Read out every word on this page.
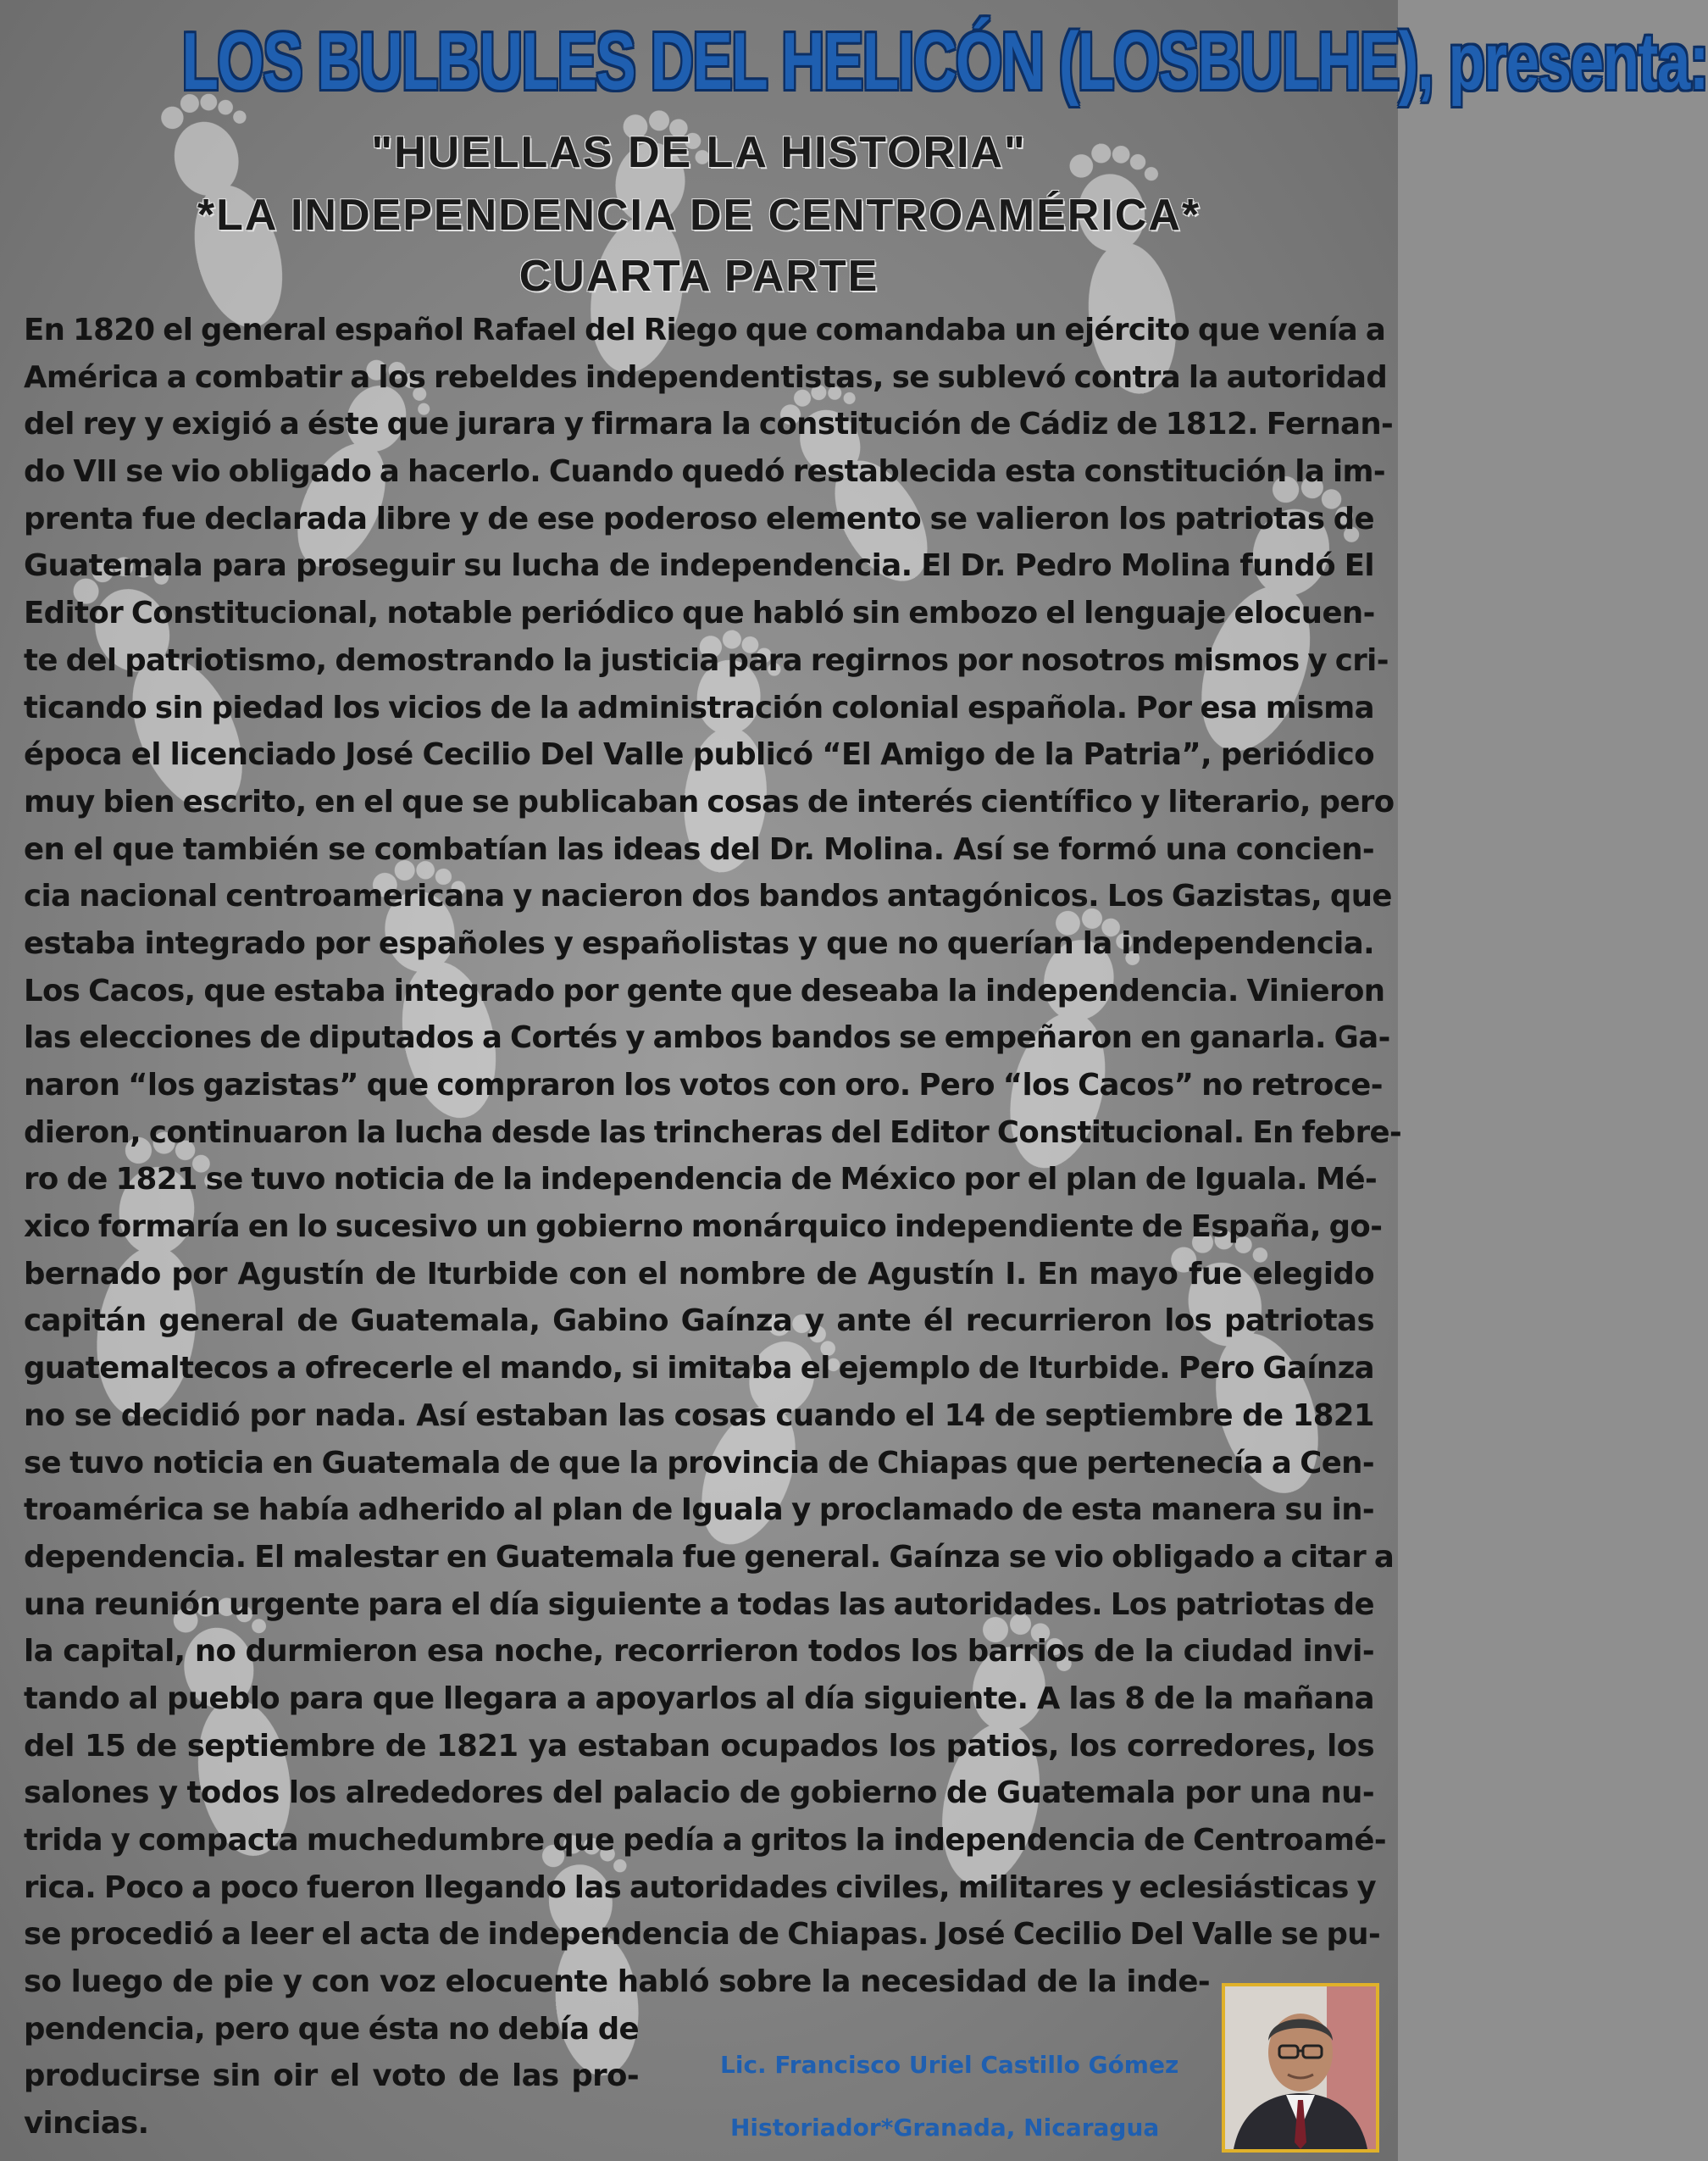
LOS BULBULES DEL HELICÓN (LOSBULHE), presenta:
"HUELLAS DE LA HISTORIA"
*LA INDEPENDENCIA DE CENTROAMÉRICA*
CUARTA PARTE
En 1820 el general español Rafael del Riego que comandaba un ejército que venía a
América a combatir a los rebeldes independentistas, se sublevó contra la autoridad
del rey y exigió a éste que jurara y firmara la constitución de Cádiz de 1812. Fernan-
do VII se vio obligado a hacerlo. Cuando quedó restablecida esta constitución la im-
prenta fue declarada libre y de ese poderoso elemento se valieron los patriotas de
Guatemala para proseguir su lucha de independencia. El Dr. Pedro Molina fundó El
Editor Constitucional, notable periódico que habló sin embozo el lenguaje elocuen-
te del patriotismo, demostrando la justicia para regirnos por nosotros mismos y cri-
ticando sin piedad los vicios de la administración colonial española. Por esa misma
época el licenciado José Cecilio Del Valle publicó “El Amigo de la Patria”, periódico
muy bien escrito, en el que se publicaban cosas de interés científico y literario, pero
en el que también se combatían las ideas del Dr. Molina. Así se formó una concien-
cia nacional centroamericana y nacieron dos bandos antagónicos. Los Gazistas, que
estaba integrado por españoles y españolistas y que no querían la independencia.
Los Cacos, que estaba integrado por gente que deseaba la independencia. Vinieron
las elecciones de diputados a Cortés y ambos bandos se empeñaron en ganarla. Ga-
naron “los gazistas” que compraron los votos con oro. Pero “los Cacos” no retroce-
dieron, continuaron la lucha desde las trincheras del Editor Constitucional. En febre-
ro de 1821 se tuvo noticia de la independencia de México por el plan de Iguala. Mé-
xico formaría en lo sucesivo un gobierno monárquico independiente de España, go-
bernado por Agustín de Iturbide con el nombre de Agustín I. En mayo fue elegido
capitán general de Guatemala, Gabino Gaínza y ante él recurrieron los patriotas
guatemaltecos a ofrecerle el mando, si imitaba el ejemplo de Iturbide. Pero Gaínza
no se decidió por nada. Así estaban las cosas cuando el 14 de septiembre de 1821
se tuvo noticia en Guatemala de que la provincia de Chiapas que pertenecía a Cen-
troamérica se había adherido al plan de Iguala y proclamado de esta manera su in-
dependencia. El malestar en Guatemala fue general. Gaínza se vio obligado a citar a
una reunión urgente para el día siguiente a todas las autoridades. Los patriotas de
la capital, no durmieron esa noche, recorrieron todos los barrios de la ciudad invi-
tando al pueblo para que llegara a apoyarlos al día siguiente. A las 8 de la mañana
del 15 de septiembre de 1821 ya estaban ocupados los patios, los corredores, los
salones y todos los alrededores del palacio de gobierno de Guatemala por una nu-
trida y compacta muchedumbre que pedía a gritos la independencia de Centroamé-
rica. Poco a poco fueron llegando las autoridades civiles, militares y eclesiásticas y
se procedió a leer el acta de independencia de Chiapas. José Cecilio Del Valle se pu-
so luego de pie y con voz elocuente habló sobre la necesidad de la inde-
pendencia, pero que ésta no debía de
producirse sin oir el voto de las pro-
vincias.
Lic. Francisco Uriel Castillo Gómez
Historiador*Granada, Nicaragua
